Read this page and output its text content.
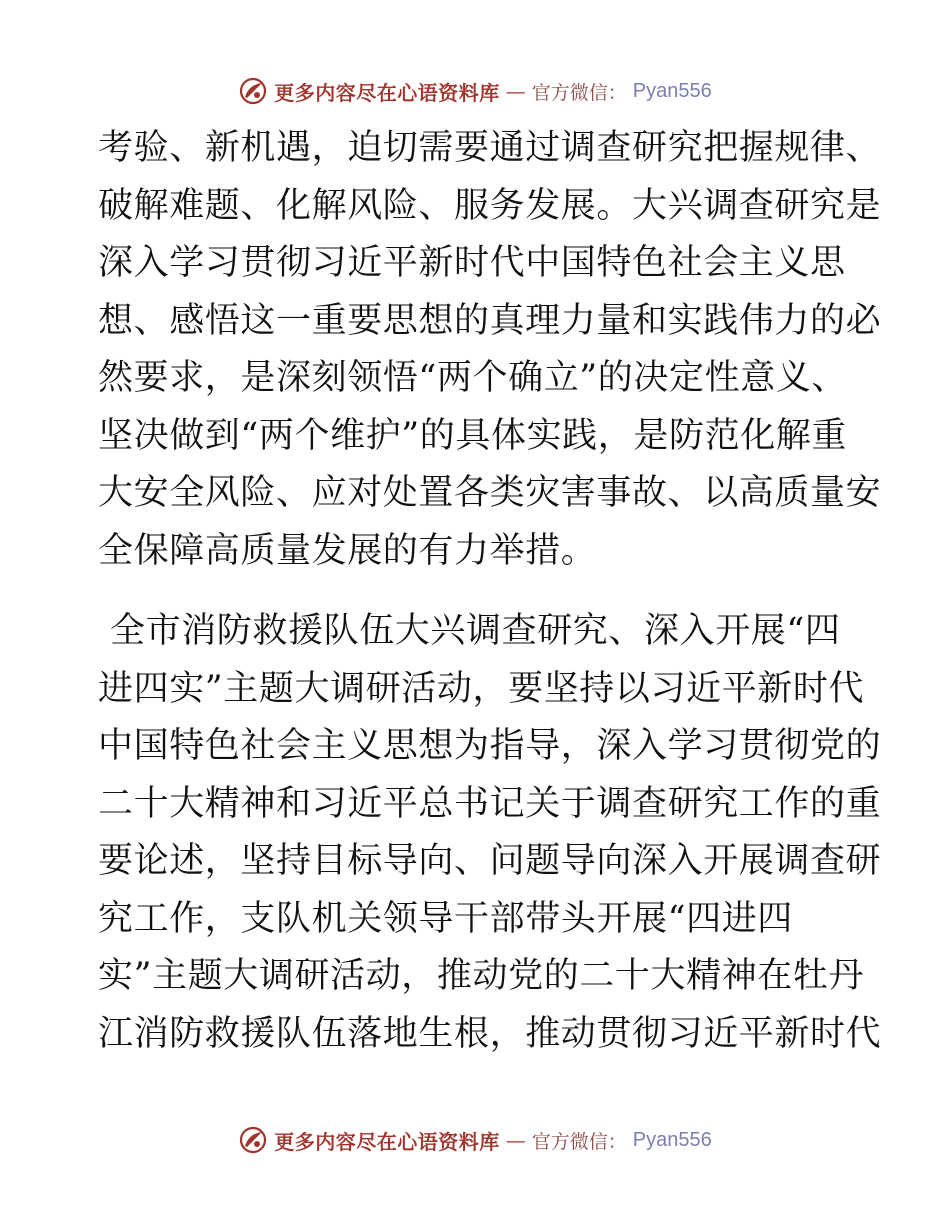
更多内容尽在心语资料库 — 官方微信： Pyan556
考验、新机遇，迫切需要通过调查研究把握规律、
破解难题、化解风险、服务发展。大兴调查研究是
深入学习贯彻习近平新时代中国特色社会主义思
想、感悟这一重要思想的真理力量和实践伟力的必
然要求，是深刻领悟“两个确立”的决定性意义、
坚决做到“两个维护”的具体实践，是防范化解重
大安全风险、应对处置各类灾害事故、以高质量安
全保障高质量发展的有力举措。
全市消防救援队伍大兴调查研究、深入开展“四
进四实”主题大调研活动，要坚持以习近平新时代
中国特色社会主义思想为指导，深入学习贯彻党的
二十大精神和习近平总书记关于调查研究工作的重
要论述，坚持目标导向、问题导向深入开展调查研
究工作，支队机关领导干部带头开展“四进四
实”主题大调研活动，推动党的二十大精神在牡丹
江消防救援队伍落地生根，推动贯彻习近平新时代
更多内容尽在心语资料库 — 官方微信： Pyan556
